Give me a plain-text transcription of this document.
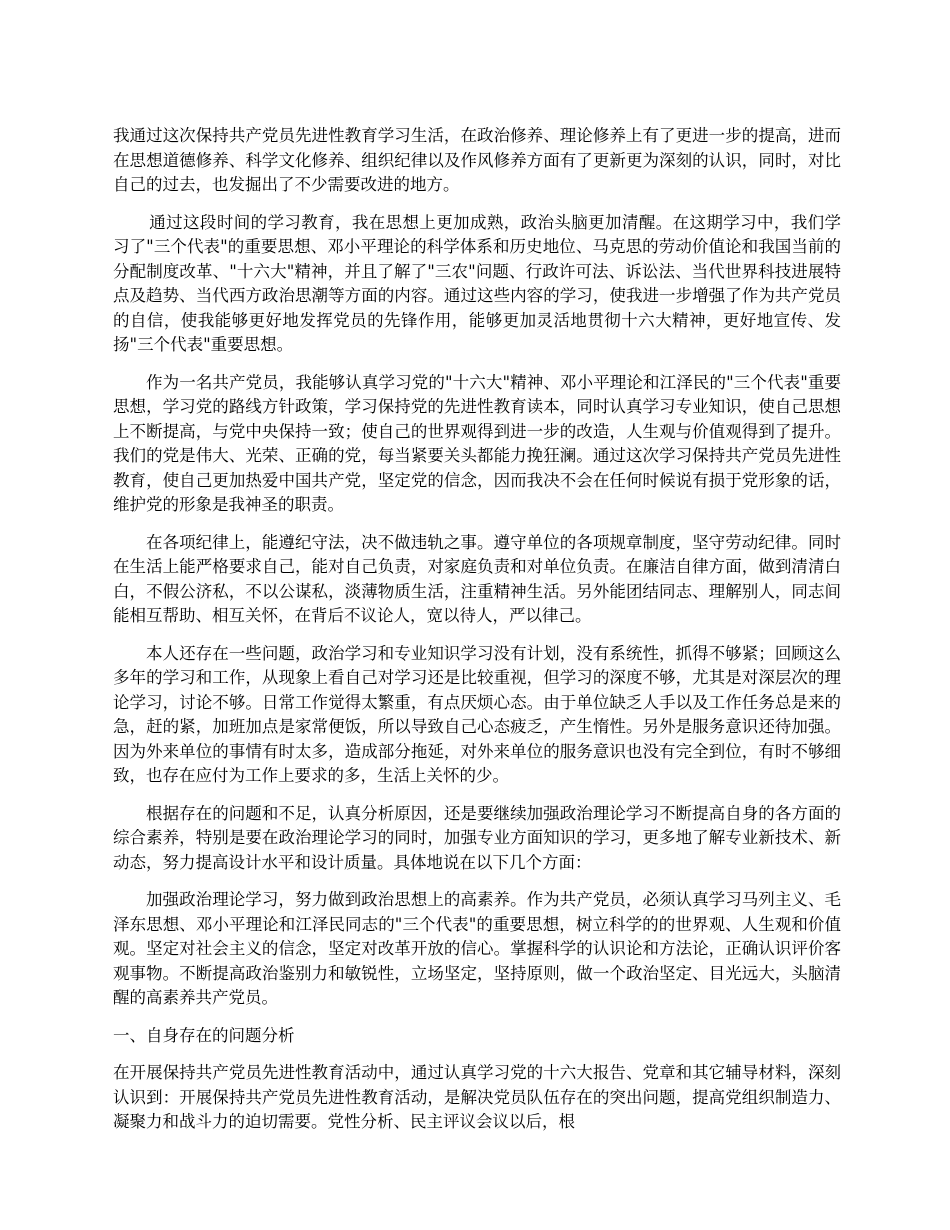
我通过这次保持共产党员先进性教育学习生活，在政治修养、理论修养上有了更进一步的提高，进而在思想道德修养、科学文化修养、组织纪律以及作风修养方面有了更新更为深刻的认识，同时，对比自己的过去，也发掘出了不少需要改进的地方。

通过这段时间的学习教育，我在思想上更加成熟，政治头脑更加清醒。在这期学习中，我们学习了"三个代表"的重要思想、邓小平理论的科学体系和历史地位、马克思的劳动价值论和我国当前的分配制度改革、"十六大"精神，并且了解了"三农"问题、行政许可法、诉讼法、当代世界科技进展特点及趋势、当代西方政治思潮等方面的内容。通过这些内容的学习，使我进一步增强了作为共产党员的自信，使我能够更好地发挥党员的先锋作用，能够更加灵活地贯彻十六大精神，更好地宣传、发扬"三个代表"重要思想。

作为一名共产党员，我能够认真学习党的"十六大"精神、邓小平理论和江泽民的"三个代表"重要思想，学习党的路线方针政策，学习保持党的先进性教育读本，同时认真学习专业知识，使自己思想上不断提高，与党中央保持一致；使自己的世界观得到进一步的改造，人生观与价值观得到了提升。我们的党是伟大、光荣、正确的党，每当紧要关头都能力挽狂澜。通过这次学习保持共产党员先进性教育，使自己更加热爱中国共产党，坚定党的信念，因而我决不会在任何时候说有损于党形象的话，维护党的形象是我神圣的职责。

在各项纪律上，能遵纪守法，决不做违轨之事。遵守单位的各项规章制度，坚守劳动纪律。同时在生活上能严格要求自己，能对自己负责，对家庭负责和对单位负责。在廉洁自律方面，做到清清白白，不假公济私，不以公谋私，淡薄物质生活，注重精神生活。另外能团结同志、理解别人，同志间能相互帮助、相互关怀，在背后不议论人，宽以待人，严以律己。

本人还存在一些问题，政治学习和专业知识学习没有计划，没有系统性，抓得不够紧；回顾这么多年的学习和工作，从现象上看自己对学习还是比较重视，但学习的深度不够，尤其是对深层次的理论学习，讨论不够。日常工作觉得太繁重，有点厌烦心态。由于单位缺乏人手以及工作任务总是来的急，赶的紧，加班加点是家常便饭，所以导致自己心态疲乏，产生惰性。另外是服务意识还待加强。因为外来单位的事情有时太多，造成部分拖延，对外来单位的服务意识也没有完全到位，有时不够细致，也存在应付为工作上要求的多，生活上关怀的少。

根据存在的问题和不足，认真分析原因，还是要继续加强政治理论学习不断提高自身的各方面的综合素养，特别是要在政治理论学习的同时，加强专业方面知识的学习，更多地了解专业新技术、新动态，努力提高设计水平和设计质量。具体地说在以下几个方面：

加强政治理论学习，努力做到政治思想上的高素养。作为共产党员，必须认真学习马列主义、毛泽东思想、邓小平理论和江泽民同志的"三个代表"的重要思想，树立科学的的世界观、人生观和价值观。坚定对社会主义的信念，坚定对改革开放的信心。掌握科学的认识论和方法论，正确认识评价客观事物。不断提高政治鉴别力和敏锐性，立场坚定，坚持原则，做一个政治坚定、目光远大，头脑清醒的高素养共产党员。

一、自身存在的问题分析

在开展保持共产党员先进性教育活动中，通过认真学习党的十六大报告、党章和其它辅导材料，深刻认识到：开展保持共产党员先进性教育活动，是解决党员队伍存在的突出问题，提高党组织制造力、凝聚力和战斗力的迫切需要。党性分析、民主评议会议以后，根
